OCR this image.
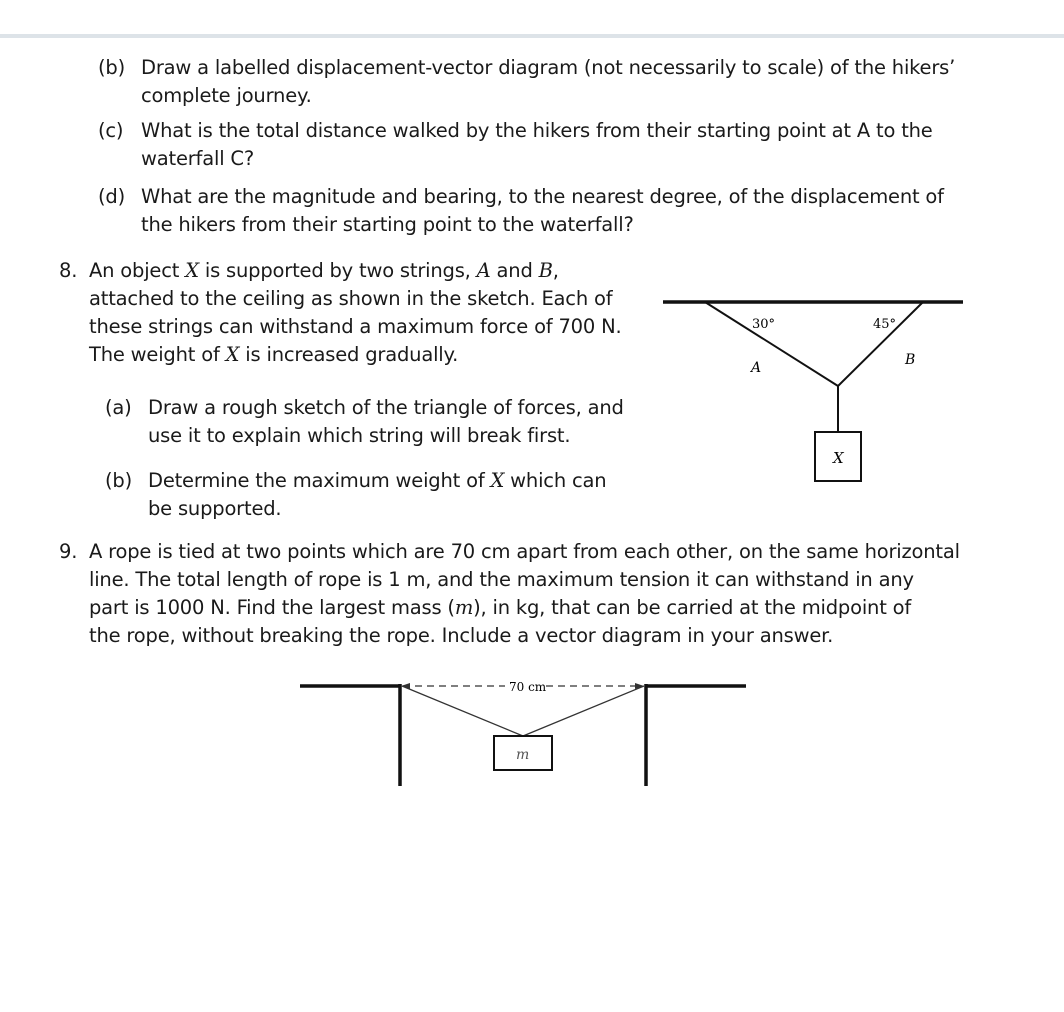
(b) Draw a labelled displacement-vector diagram (not necessarily to scale) of the hikers’
complete journey.
(c) What is the total distance walked by the hikers from their starting point at A to the
waterfall C?
(d) What are the magnitude and bearing, to the nearest degree, of the displacement of
the hikers from their starting point to the waterfall?
8. An object X is supported by two strings, A and B,
attached to the ceiling as shown in the sketch. Each of
these strings can withstand a maximum force of 700 N.
The weight of X is increased gradually.
(a) Draw a rough sketch of the triangle of forces, and
use it to explain which string will break first.
(b) Determine the maximum weight of X which can
be supported.
30°	45°
A	B
X
9. A rope is tied at two points which are 70 cm apart from each other, on the same horizontal
line. The total length of rope is 1 m, and the maximum tension it can withstand in any
part is 1000 N. Find the largest mass (m), in kg, that can be carried at the midpoint of
the rope, without breaking the rope. Include a vector diagram in your answer.
70 cm
m
